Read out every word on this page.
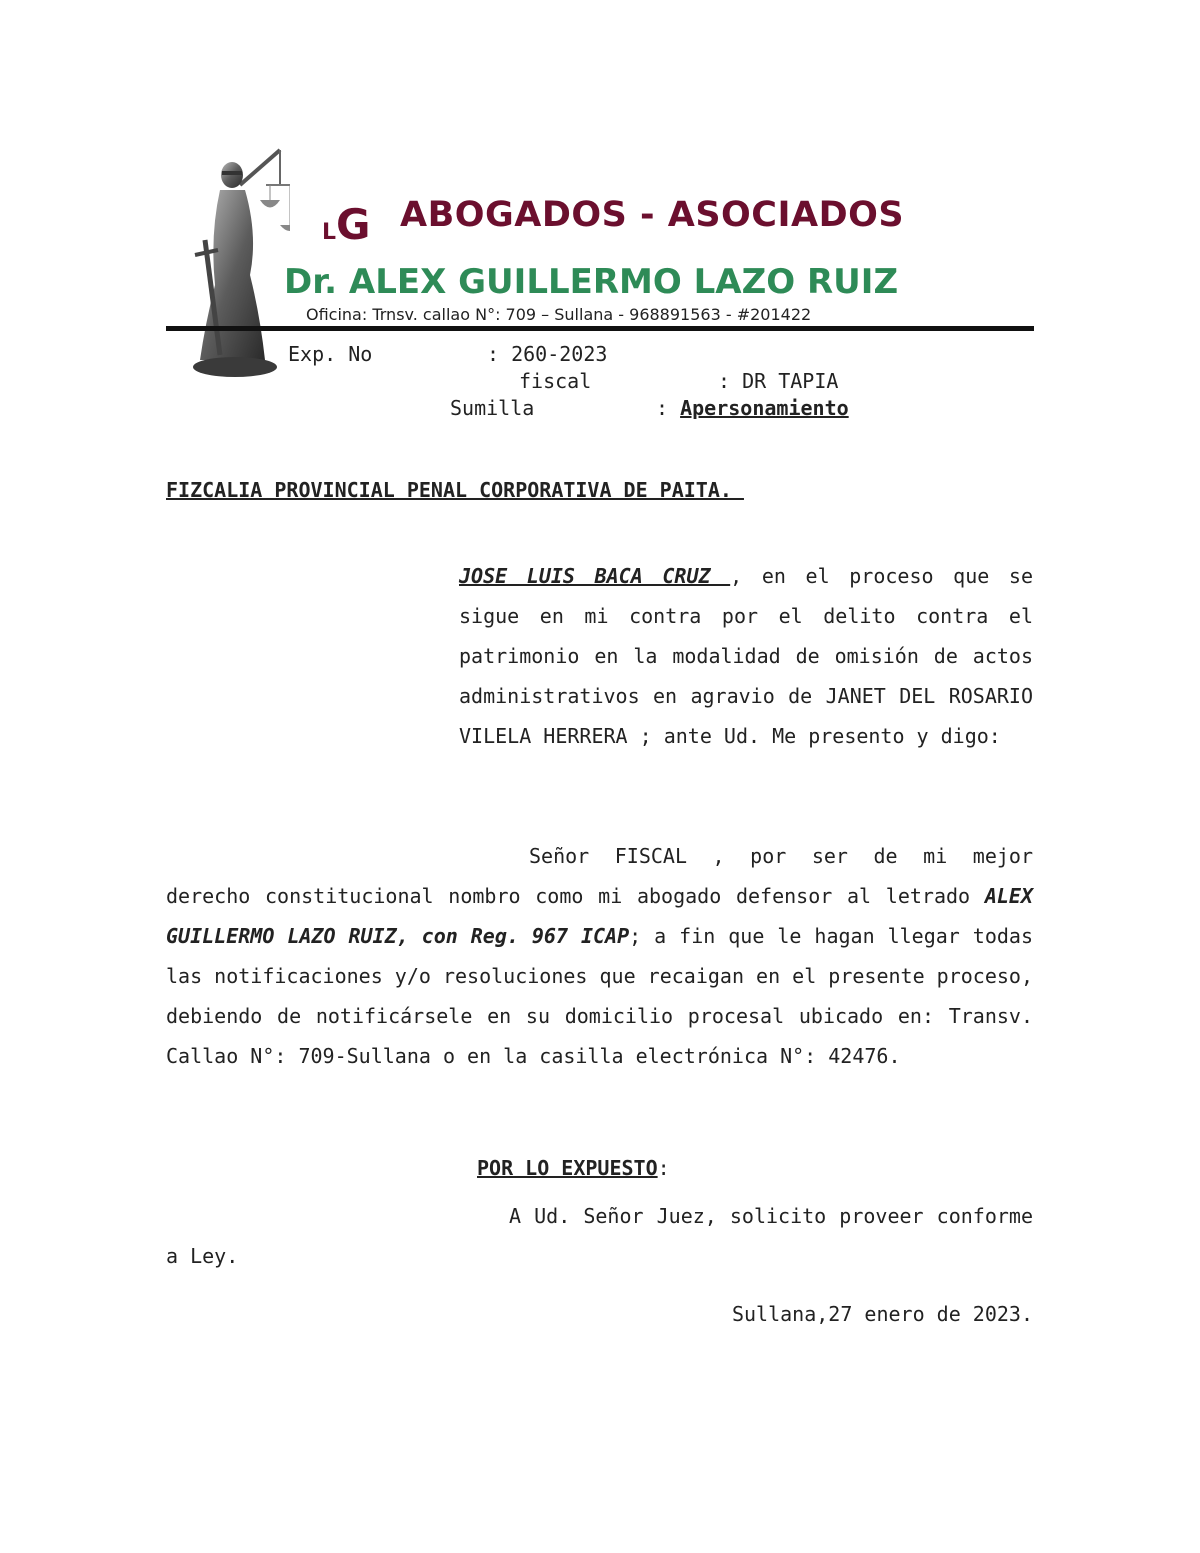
LG ABOGADOS - ASOCIADOS
Dr. ALEX GUILLERMO LAZO RUIZ
Oficina: Trnsv. callao N°: 709 – Sullana - 968891563 - #201422
Exp. No	: 260-2023
fiscal	: DR TAPIA
Sumilla	: Apersonamiento
FIZCALIA PROVINCIAL PENAL CORPORATIVA DE PAITA.
JOSE LUIS BACA CRUZ , en el proceso que se sigue en mi contra por el delito contra el patrimonio en la modalidad de omisión de actos administrativos en agravio de JANET DEL ROSARIO VILELA HERRERA ; ante Ud. Me presento y digo:
Señor FISCAL , por ser de mi mejor derecho constitucional nombro como mi abogado defensor al letrado ALEX GUILLERMO LAZO RUIZ, con Reg. 967 ICAP; a fin que le hagan llegar todas las notificaciones y/o resoluciones que recaigan en el presente proceso, debiendo de notificársele en su domicilio procesal ubicado en: Transv. Callao N°: 709-Sullana o en la casilla electrónica N°: 42476.
POR LO EXPUESTO:
A Ud. Señor Juez, solicito proveer conforme a Ley.
Sullana,27 enero de 2023.
